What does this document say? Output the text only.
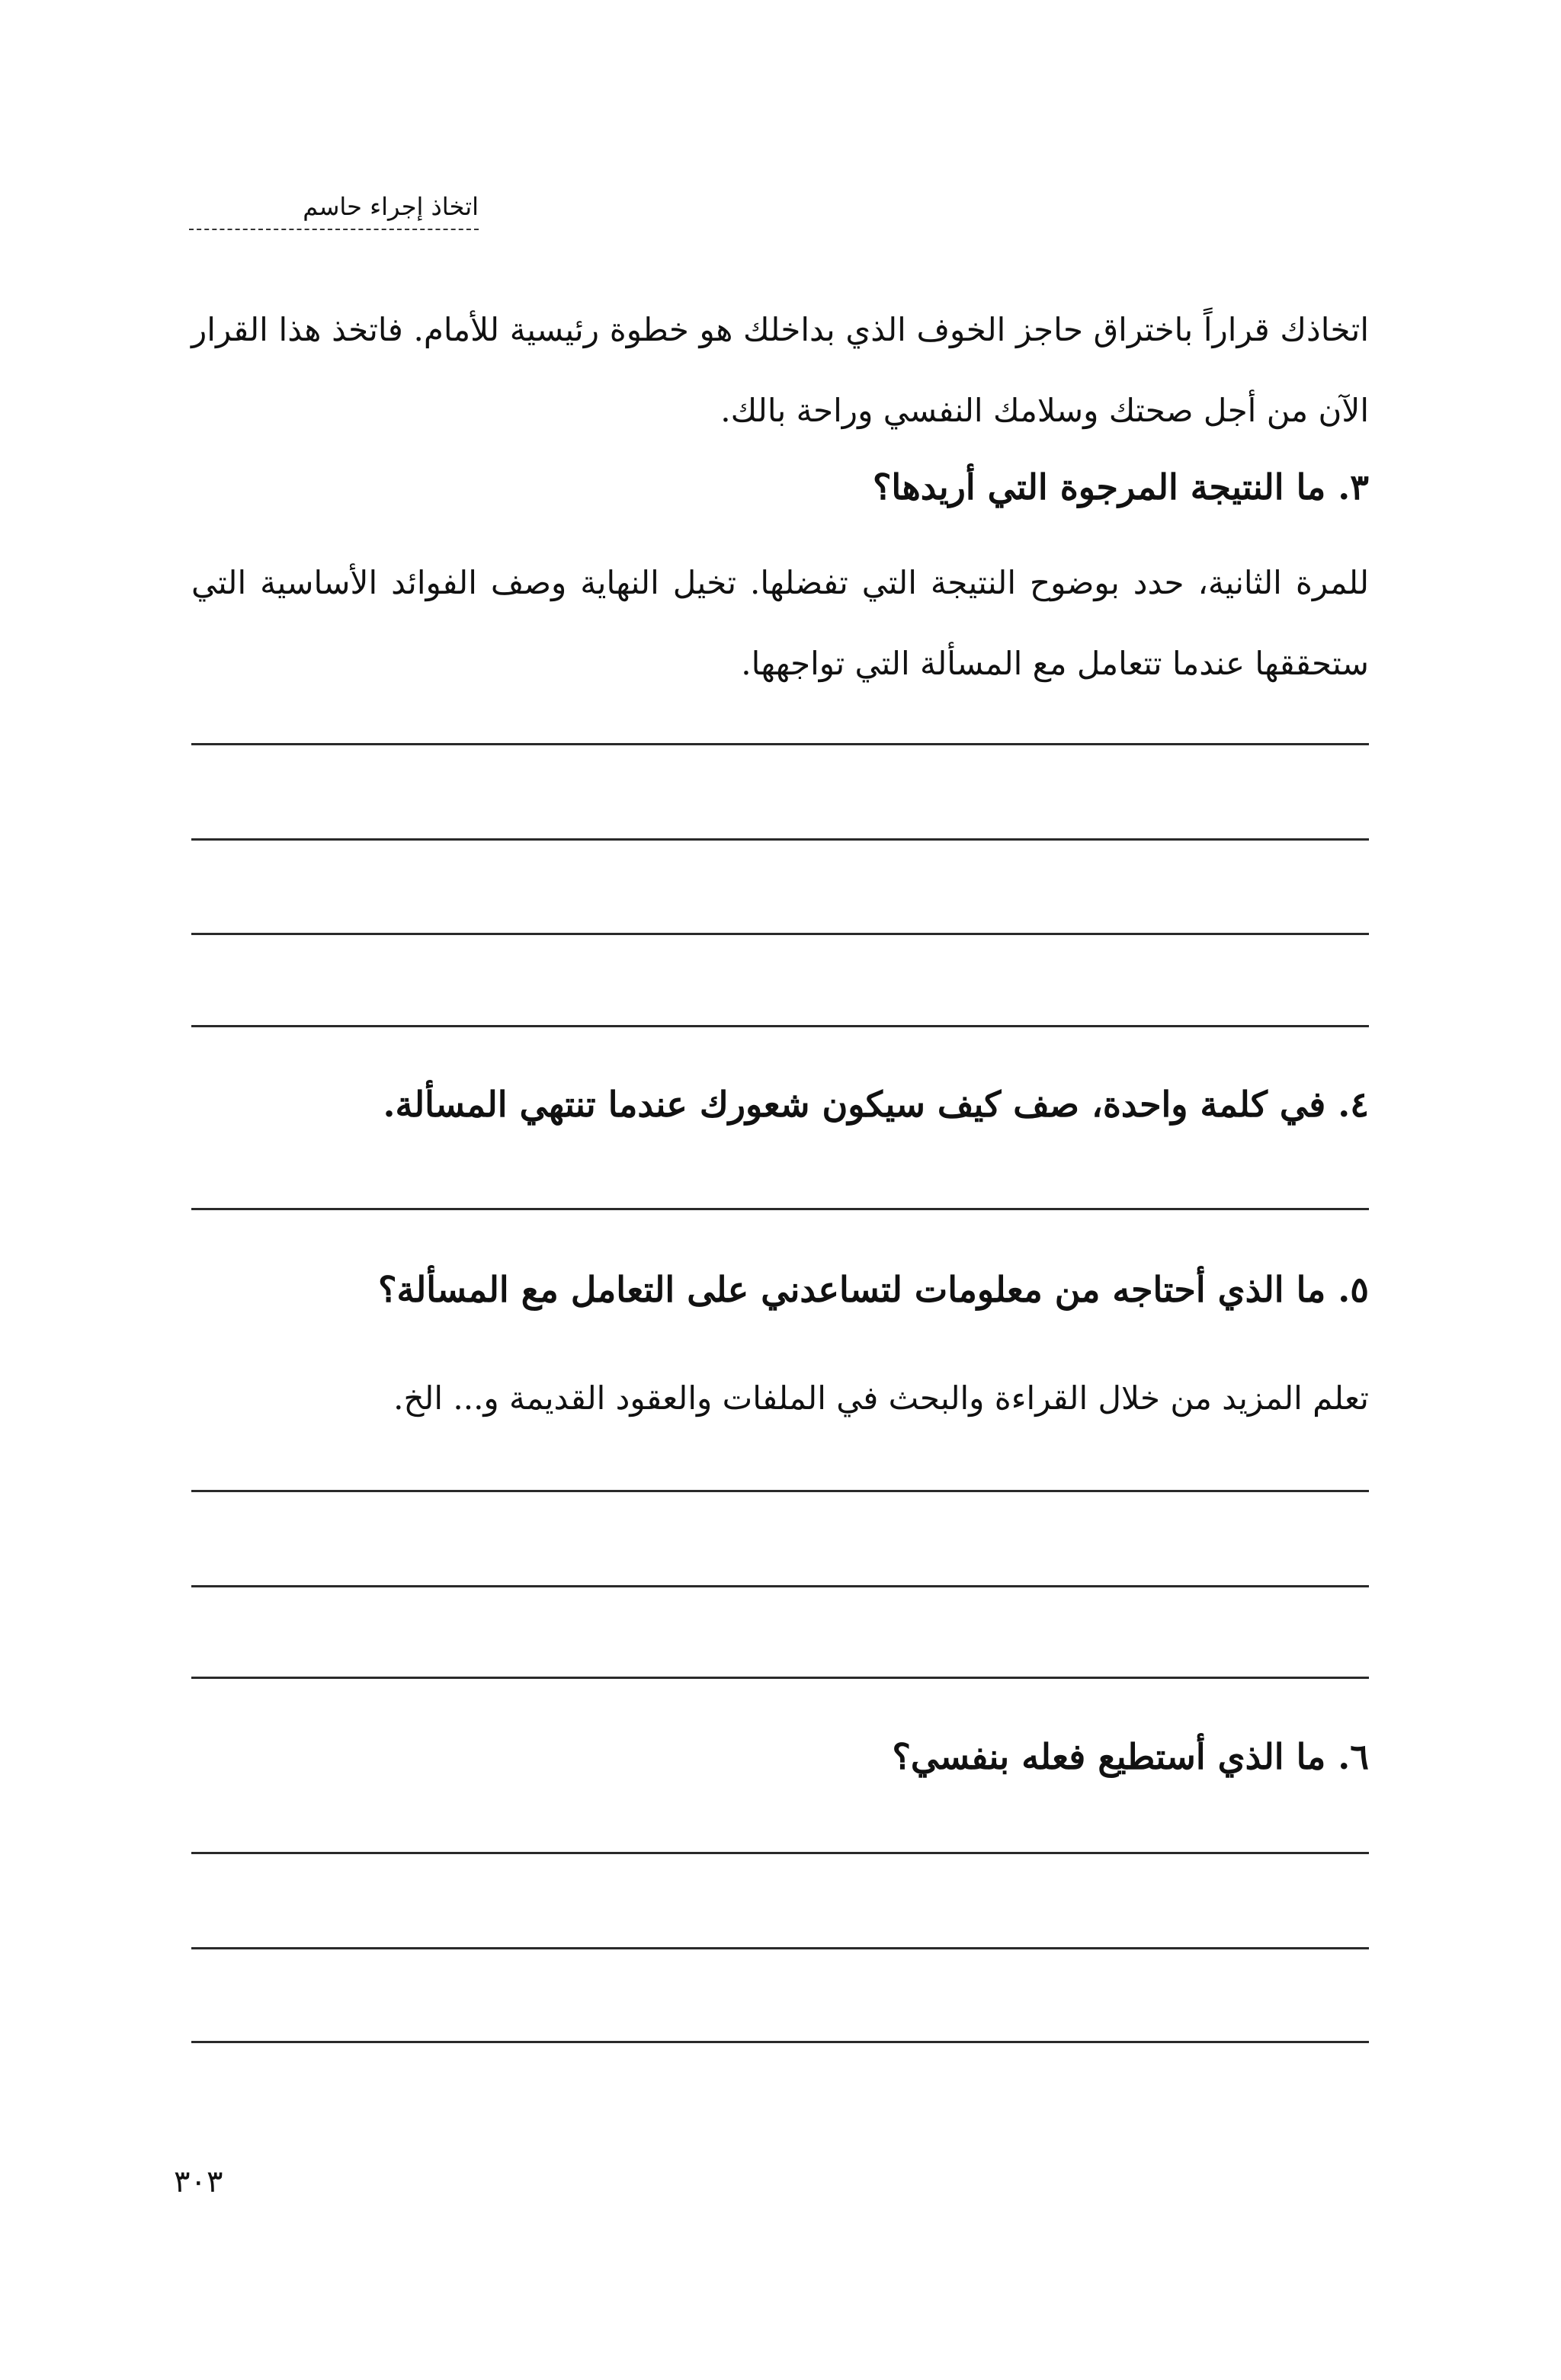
اتخاذ إجراء حاسم

اتخاذك قراراً باختراق حاجز الخوف الذي بداخلك هو خطوة رئيسية للأمام. فاتخذ هذا القرار الآن من أجل صحتك وسلامك النفسي وراحة بالك.

٣. ما النتيجة المرجوة التي أريدها؟

للمرة الثانية، حدد بوضوح النتيجة التي تفضلها. تخيل النهاية وصف الفوائد الأساسية التي ستحققها عندما تتعامل مع المسألة التي تواجهها.

٤. في كلمة واحدة، صف كيف سيكون شعورك عندما تنتهي المسألة.
٥. ما الذي أحتاجه من معلومات لتساعدني على التعامل مع المسألة؟

تعلم المزيد من خلال القراءة والبحث في الملفات والعقود القديمة و... الخ.

٦. ما الذي أستطيع فعله بنفسي؟
٣٠٣
